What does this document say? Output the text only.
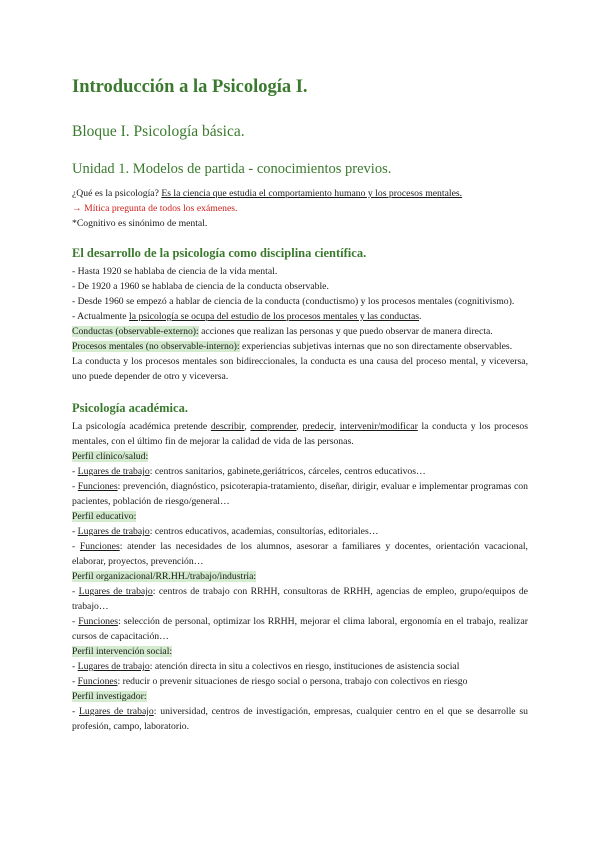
Introducción a la Psicología I.
Bloque I. Psicología básica.
Unidad 1. Modelos de partida - conocimientos previos.

¿Qué es la psicología? Es la ciencia que estudia el comportamiento humano y los procesos mentales.

→ Mítica pregunta de todos los exámenes.

*Cognitivo es sinónimo de mental.

El desarrollo de la psicología como disciplina científica.

- Hasta 1920 se hablaba de ciencia de la vida mental.

- De 1920 a 1960 se hablaba de ciencia de la conducta observable.

- Desde 1960 se empezó a hablar de ciencia de la conducta (conductismo) y los procesos mentales (cognitivismo).

- Actualmente la psicología se ocupa del estudio de los procesos mentales y las conductas.

Conductas (observable-externo): acciones que realizan las personas y que puedo observar de manera directa.

Procesos mentales (no observable-interno): experiencias subjetivas internas que no son directamente observables.

La conducta y los procesos mentales son bidireccionales, la conducta es una causa del proceso mental, y viceversa, uno puede depender de otro y viceversa.

Psicología académica.

La psicología académica pretende describir, comprender, predecir, intervenir/modificar la conducta y los procesos mentales, con el último fin de mejorar la calidad de vida de las personas.

Perfil clínico/salud:

- Lugares de trabajo: centros sanitarios, gabinete,geriátricos, cárceles, centros educativos…

- Funciones: prevención, diagnóstico, psicoterapia-tratamiento, diseñar, dirigir, evaluar e implementar programas con pacientes, población de riesgo/general…

Perfil educativo:

- Lugares de trabajo: centros educativos, academias, consultorías, editoriales…

- Funciones: atender las necesidades de los alumnos, asesorar a familiares y docentes, orientación vacacional, elaborar, proyectos, prevención…

Perfil organizacional/RR.HH./trabajo/industria:

- Lugares de trabajo: centros de trabajo con RRHH, consultoras de RRHH, agencias de empleo, grupo/equipos de trabajo…

- Funciones: selección de personal, optimizar los RRHH, mejorar el clima laboral, ergonomía en el trabajo, realizar cursos de capacitación…

Perfil intervención social:

- Lugares de trabajo: atención directa in situ a colectivos en riesgo, instituciones de asistencia social

- Funciones: reducir o prevenir situaciones de riesgo social o persona, trabajo con colectivos en riesgo

Perfil investigador:

- Lugares de trabajo: universidad, centros de investigación, empresas, cualquier centro en el que se desarrolle su profesión, campo, laboratorio.
